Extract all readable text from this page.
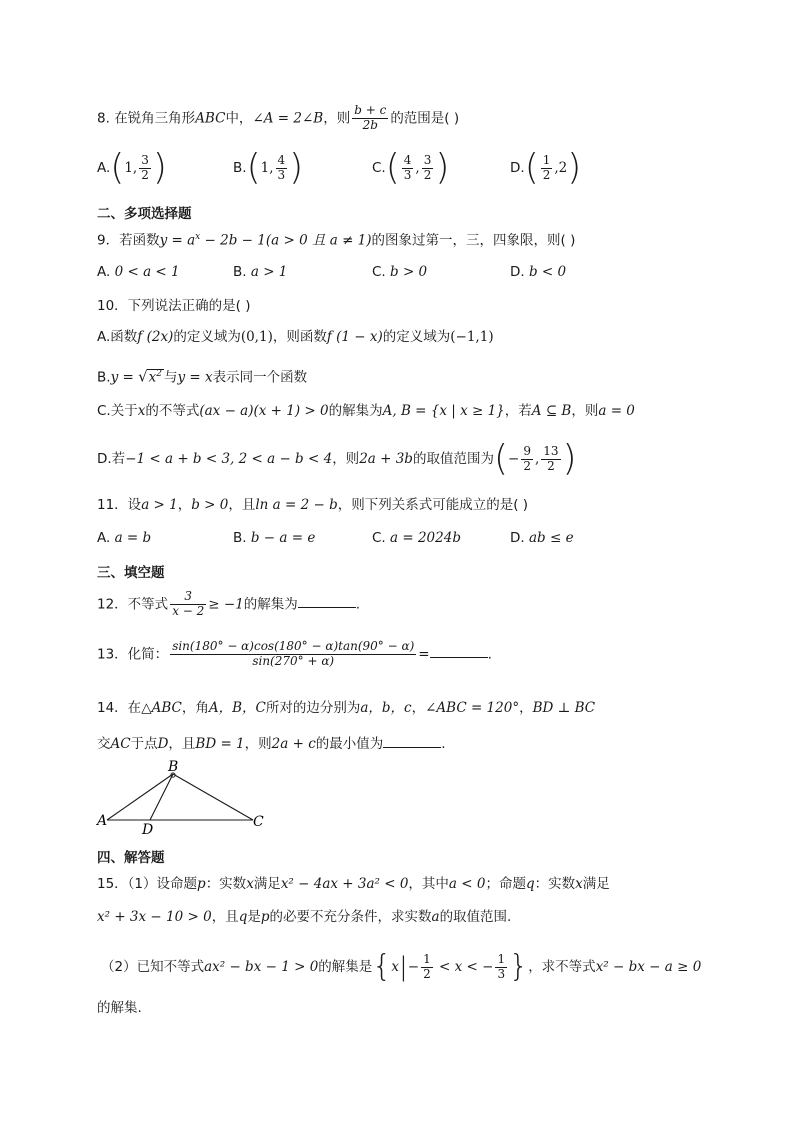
8. 在锐角三角形ABC中，∠A = 2∠B，则 $\frac{b + c}{2b}$ 的范围是( )
A.(1, $\frac{3}{2}$ )	B.(1, $\frac{4}{3}$ )	$C.( \frac{4}{3}$ , $\frac{3}{2}$ )	$D.( \frac{1}{2} ,2)$
二、多项选择题
9．若函数$y = a^x - 2b - 1(a > 0$ 且 a ≠ 1)的图象过第一，三，四象限，则( )
A. 0 < a < 1	B. a > 1	C. b > 0	D. b < 0
10．下列说法正确的是( )
A.函数f (2x)的定义域为(0,1)，则函数f (1 − x)的定义域为(−1,1)
$B.y = √x^2$ 与y = x表示同一个函数
C.关于x的不等式(ax − a)(x + 1) > 0的解集为A, B = {x | x ≥ 1}，若A ⊆ B，则a = 0
D.若−1 < a + b < 3, 2 < a − b < 4，则2a + 3b的取值范围为(− $\frac{9}{2}$ , $\frac{13}{2}$ )
11．设a > 1，b > 0，且ln a = 2 − b，则下列关系式可能成立的是( )
A. a = b	B. b − a = e	C. a = 2024b	D. ab ≤ e
三、填空题
12．不等式 $\frac{3}{x - 2} \ge -1$的解集为	.
13．化简： $\frac{\sin(180^\circ - \alpha)\cos(180^\circ - \alpha)\tan(90^\circ - \alpha)}{\sin(270^\circ + \alpha)}$ =	.
14．在△ABC，角A，B，C所对的边分别为a，b，c，∠ABC = 120°，BD ⊥ BC
交AC于点D，且BD = 1，则2a + c的最小值为	.
B
A
D	C
四、解答题
15．（1）设命题p：实数x满足x² − 4ax + 3a² < 0，其中a < 0；命题q：实数x满足
x² + 3x − 10 > 0，且q是p的必要不充分条件，求实数a的取值范围.
（2）已知不等式ax² − bx − 1 > 0的解集是{$x|- \frac{1}{2} < x$ < − $\frac{1}{3}$ }，求不等式x² − bx − a ≥ 0
的解集.
